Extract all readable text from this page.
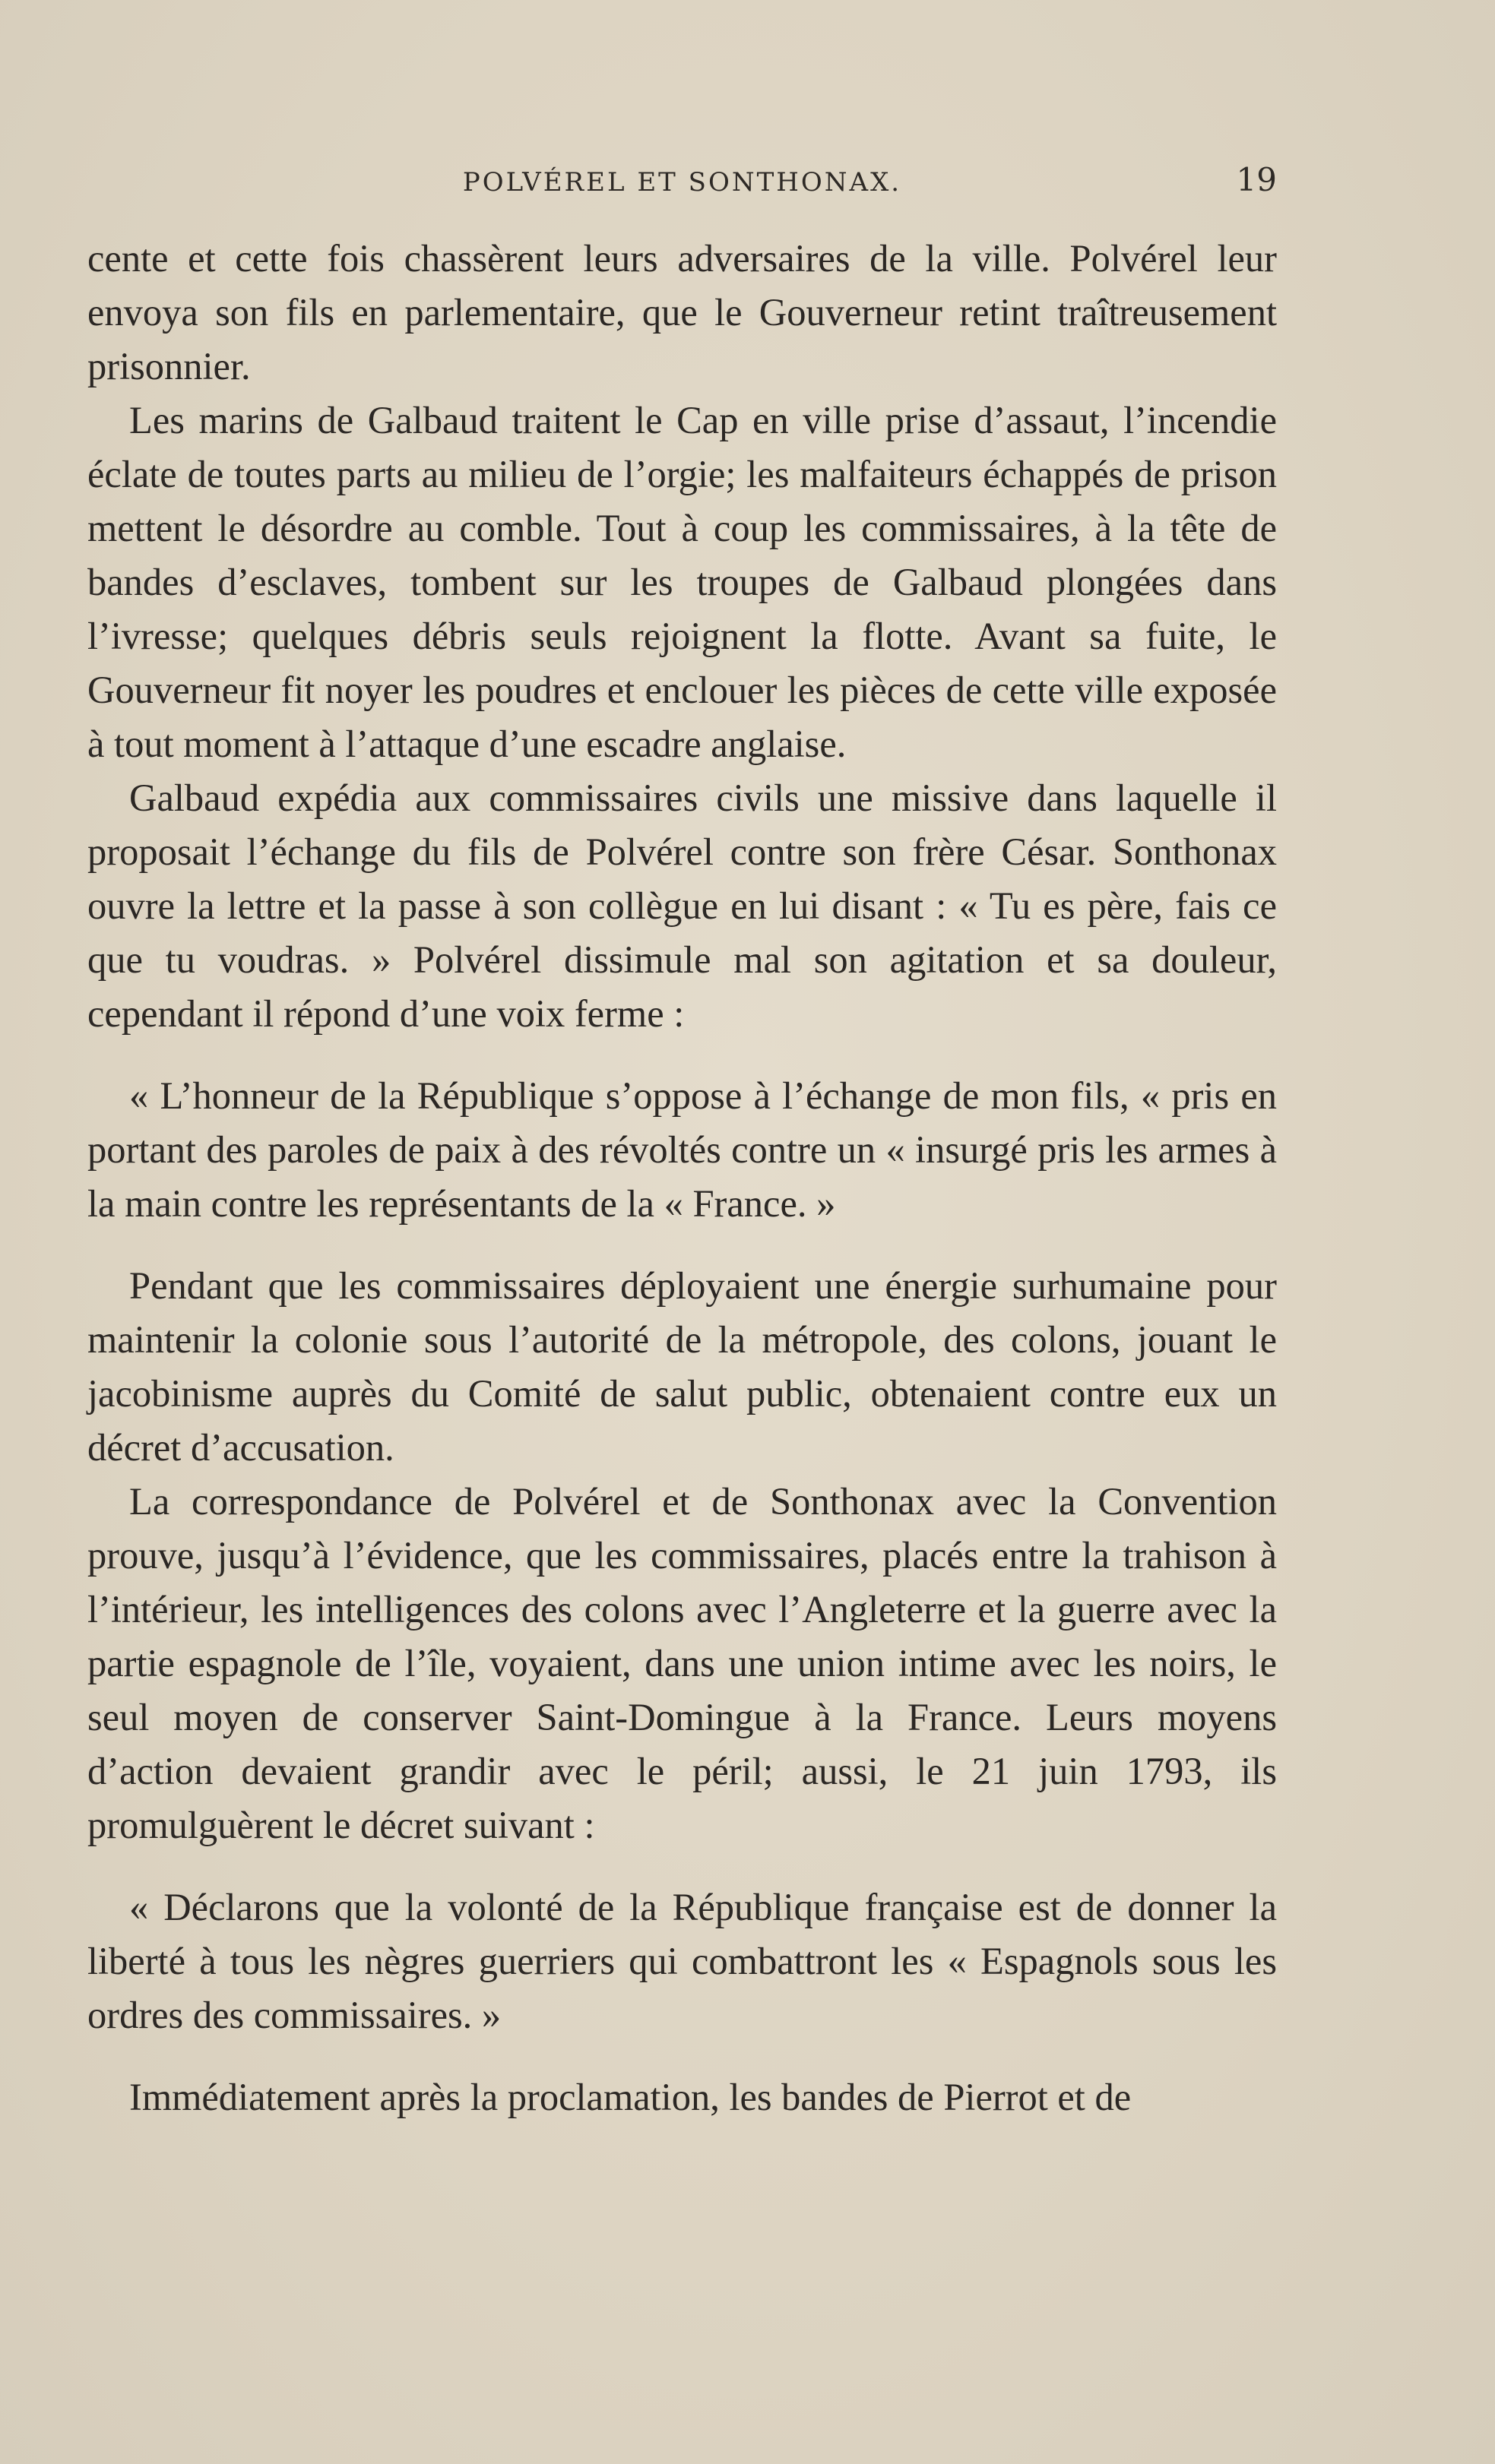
POLVÉREL ET SONTHONAX.	19

cente et cette fois chassèrent leurs adversaires de la ville. Polvérel leur envoya son fils en parlementaire, que le Gouverneur retint traîtreusement prisonnier.

Les marins de Galbaud traitent le Cap en ville prise d’assaut, l’incendie éclate de toutes parts au milieu de l’orgie; les malfaiteurs échappés de prison mettent le désordre au comble. Tout à coup les commissaires, à la tête de bandes d’esclaves, tombent sur les troupes de Galbaud plongées dans l’ivresse; quelques débris seuls rejoignent la flotte. Avant sa fuite, le Gouverneur fit noyer les poudres et enclouer les pièces de cette ville exposée à tout moment à l’attaque d’une escadre anglaise.

Galbaud expédia aux commissaires civils une missive dans laquelle il proposait l’échange du fils de Polvérel contre son frère César. Sonthonax ouvre la lettre et la passe à son collègue en lui disant : « Tu es père, fais ce que tu voudras. » Polvérel dissimule mal son agitation et sa douleur, cependant il répond d’une voix ferme :

« L’honneur de la République s’oppose à l’échange de mon fils, « pris en portant des paroles de paix à des révoltés contre un « insurgé pris les armes à la main contre les représentants de la « France. »

Pendant que les commissaires déployaient une énergie surhumaine pour maintenir la colonie sous l’autorité de la métropole, des colons, jouant le jacobinisme auprès du Comité de salut public, obtenaient contre eux un décret d’accusation.

La correspondance de Polvérel et de Sonthonax avec la Convention prouve, jusqu’à l’évidence, que les commissaires, placés entre la trahison à l’intérieur, les intelligences des colons avec l’Angleterre et la guerre avec la partie espagnole de l’île, voyaient, dans une union intime avec les noirs, le seul moyen de conserver Saint-Domingue à la France. Leurs moyens d’action devaient grandir avec le péril; aussi, le 21 juin 1793, ils promulguèrent le décret suivant :

« Déclarons que la volonté de la République française est de donner la liberté à tous les nègres guerriers qui combattront les « Espagnols sous les ordres des commissaires. »

Immédiatement après la proclamation, les bandes de Pierrot et de
